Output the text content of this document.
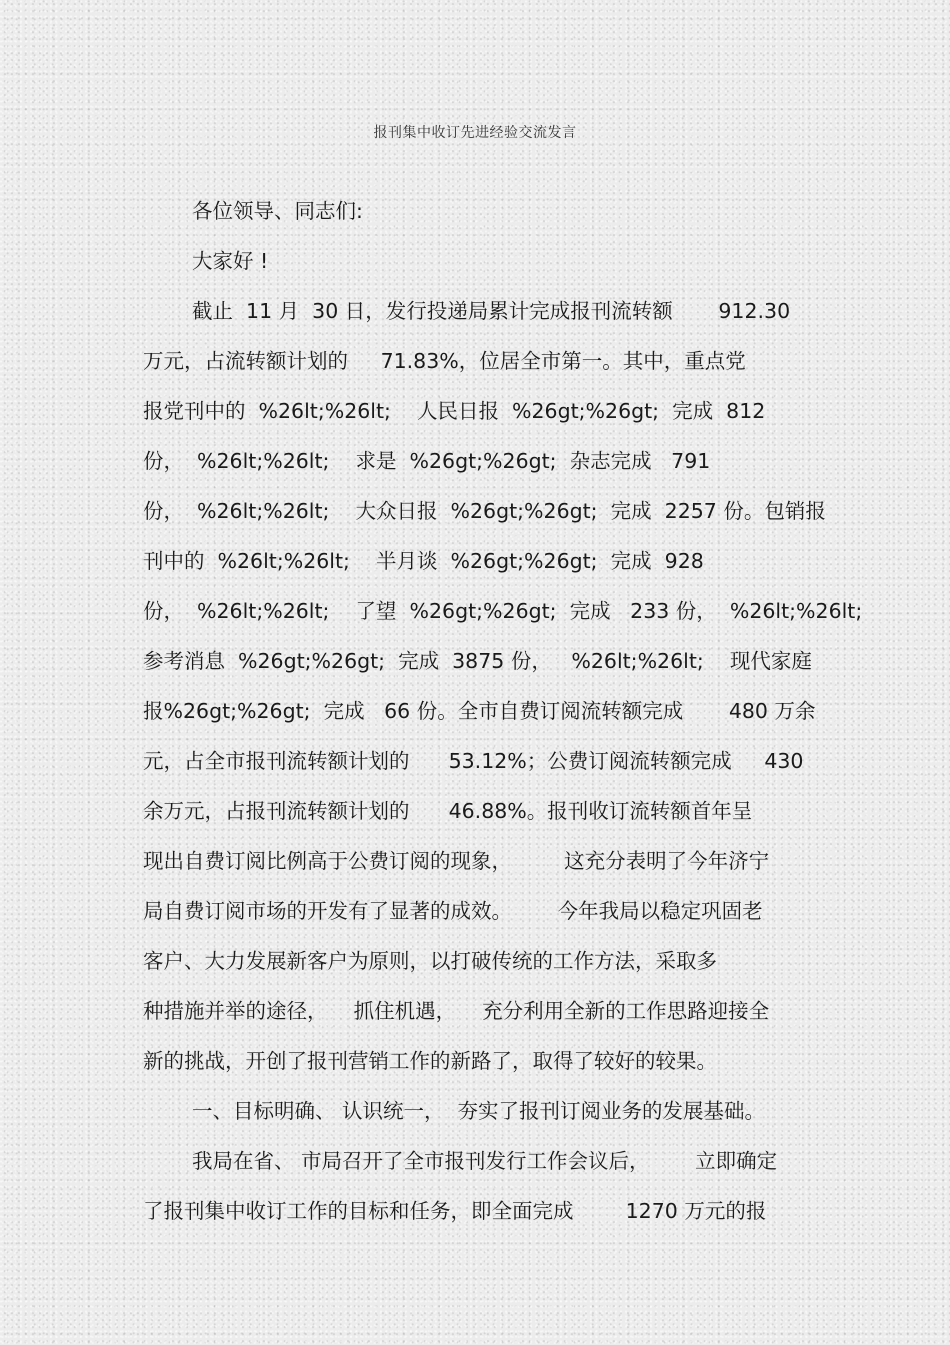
报刊集中收订先进经验交流发言
各位领导、同志们:
大家好 !
截止  11 月  30 日，发行投递局累计完成报刊流转额       912.30
万元，占流转额计划的     71.83%，位居全市第一。其中，重点党
报党刊中的  %26lt;%26lt;    人民日报  %26gt;%26gt;  完成  812
份，  %26lt;%26lt;    求是  %26gt;%26gt;  杂志完成   791
份，  %26lt;%26lt;    大众日报  %26gt;%26gt;  完成  2257 份。包销报
刊中的  %26lt;%26lt;    半月谈  %26gt;%26gt;  完成  928
份，  %26lt;%26lt;    了望  %26gt;%26gt;  完成   233 份，  %26lt;%26lt;
参考消息  %26gt;%26gt;  完成  3875 份，   %26lt;%26lt;    现代家庭
报%26gt;%26gt;  完成   66 份。全市自费订阅流转额完成       480 万余
元，占全市报刊流转额计划的      53.12%；公费订阅流转额完成     430
余万元，占报刊流转额计划的      46.88%。报刊收订流转额首年呈
现出自费订阅比例高于公费订阅的现象，        这充分表明了今年济宁
局自费订阅市场的开发有了显著的成效。       今年我局以稳定巩固老
客户、大力发展新客户为原则，以打破传统的工作方法，采取多
种措施并举的途径，    抓住机遇，    充分利用全新的工作思路迎接全
新的挑战，开创了报刊营销工作的新路了，取得了较好的较果。
一、目标明确、 认识统一，  夯实了报刊订阅业务的发展基础。
我局在省、 市局召开了全市报刊发行工作会议后，       立即确定
了报刊集中收订工作的目标和任务，即全面完成        1270 万元的报
